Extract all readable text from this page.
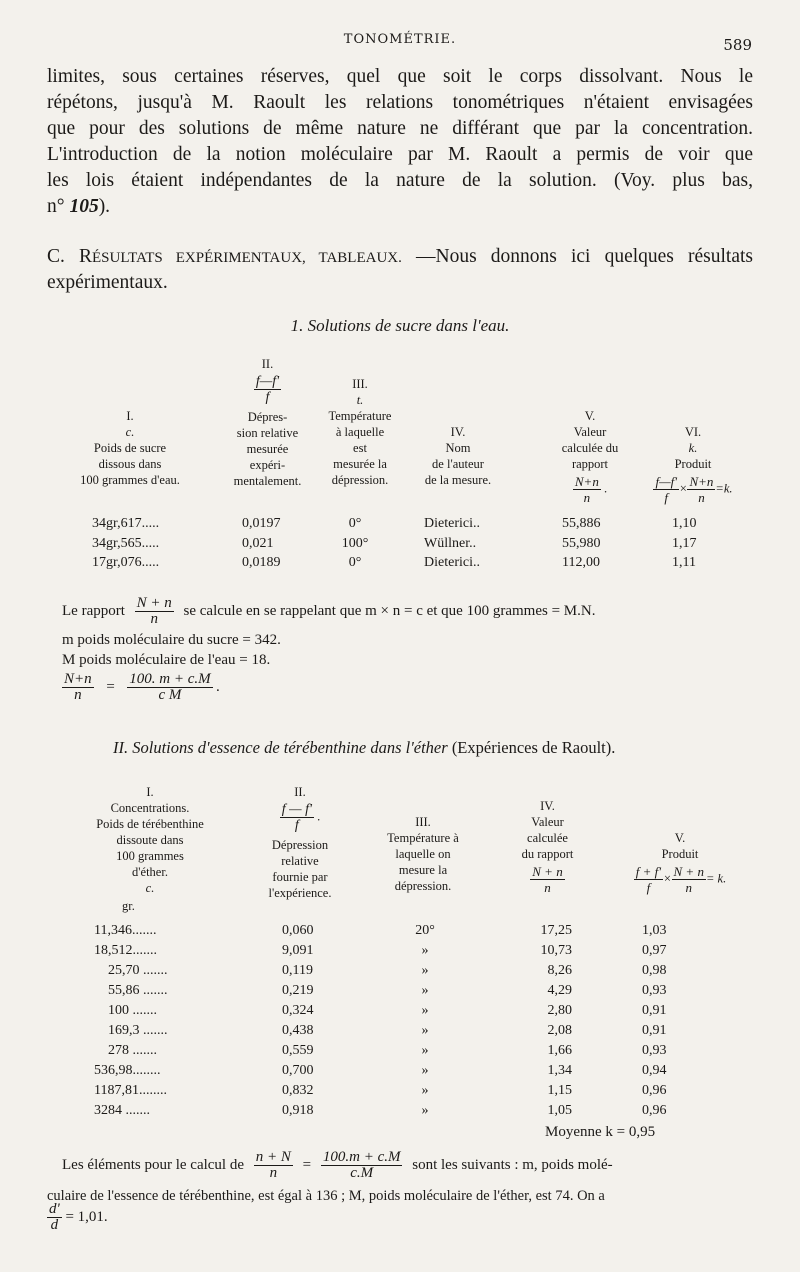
TONOMÉTRIE.	589
limites, sous certaines réserves, quel que soit le corps dissolvant. Nous le
répétons, jusqu'à M. Raoult les relations tonométriques n'étaient envisagées
que pour des solutions de même nature ne différant que par la concentration.
L'introduction de la notion moléculaire par M. Raoult a permis de voir que
les lois étaient indépendantes de la nature de la solution. (Voy. plus bas,
n° 105).
C. RÉSULTATS EXPÉRIMENTAUX, TABLEAUX. —Nous donnons ici quelques résultats
expérimentaux.
1. Solutions de sucre dans l'eau.
I.
c.
Poids de sucre
dissous dans
100 grammes d'eau.
II.
$\frac{f—f'}{f}$
Dépres-
sion relative
mesurée
expéri-
mentalement.
III.
t.
Température
à laquelle
est
mesurée la
dépression.
IV.
Nom
de l'auteur
de la mesure.
V.
Valeur
calculée du
rapport
$\frac{N+n}{n}$ .
VI.
k.
Produit
$\frac{f—f'}{f} \times \frac{N+n}{n} =k$.
34gr,617.....	0,0197	0°	Dieterici..	55,886	1,10
34gr,565.....	0,021	100°	Wüllner..	55,980	1,17
17gr,076.....	0,0189	0°	Dieterici..	112,00	1,11
Le rapport $\frac{N + n}{n}$ se calcule en se rappelant que m × n = c et que 100 grammes = M.N.
m poids moléculaire du sucre = 342.
M poids moléculaire de l'eau = 18.
$\frac{N+n}{n} = \frac{100. m + c.M}{\text{c M}}$ .
II. Solutions d'essence de térébenthine dans l'éther (Expériences de Raoult).
I.
Concentrations.
Poids de térébenthine
dissoute dans
100 grammes
d'éther.
c.
gr.
II.
$\frac{f — f'}{f}$ .
Dépression
relative
fournie par
l'expérience.
III.
Température à
laquelle on
mesure la
dépression.
IV.
Valeur
calculée
du rapport
$\frac{N + n}{n}$
V.
Produit
$\frac{f + f'}{f} \times \frac{N + n}{n} = k$.
11,346.......	0,060	20°	17,25	1,03
18,512.......	9,091	»	10,73	0,97
25,70 .......	0,119	»	8,26	0,98
55,86 .......	0,219	»	4,29	0,93
100 .......	0,324	»	2,80	0,91
169,3 .......	0,438	»	2,08	0,91
278 .......	0,559	»	1,66	0,93
536,98........	0,700	»	1,34	0,94
1187,81........	0,832	»	1,15	0,96
3284 .......	0,918	»	1,05	0,96
Moyenne k = 0,95
Les éléments pour le calcul de $\frac{n + N}{n} = \frac{100.m + c.M}{c.M}$ sont les suivants : m, poids molé-
culaire de l'essence de térébenthine, est égal à 136 ; M, poids moléculaire de l'éther, est 74. On a
$\frac{d'}{d} = 1,01$.
